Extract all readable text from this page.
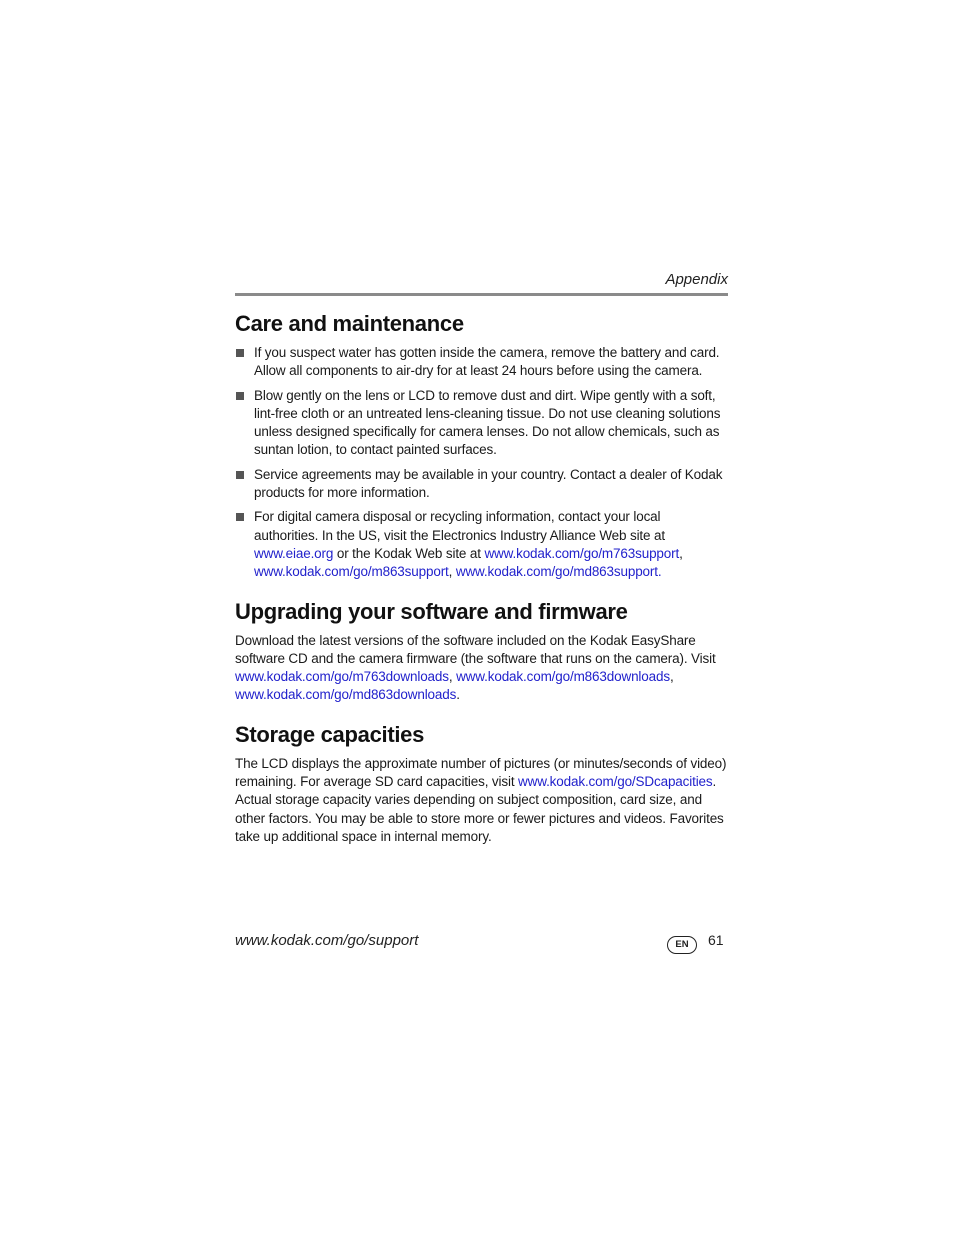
Appendix
Care and maintenance
If you suspect water has gotten inside the camera, remove the battery and card. Allow all components to air-dry for at least 24 hours before using the camera.
Blow gently on the lens or LCD to remove dust and dirt. Wipe gently with a soft, lint-free cloth or an untreated lens-cleaning tissue. Do not use cleaning solutions unless designed specifically for camera lenses. Do not allow chemicals, such as suntan lotion, to contact painted surfaces.
Service agreements may be available in your country. Contact a dealer of Kodak products for more information.
For digital camera disposal or recycling information, contact your local authorities. In the US, visit the Electronics Industry Alliance Web site at www.eiae.org or the Kodak Web site at www.kodak.com/go/m763support, www.kodak.com/go/m863support, www.kodak.com/go/md863support.
Upgrading your software and firmware

Download the latest versions of the software included on the Kodak EasyShare software CD and the camera firmware (the software that runs on the camera). Visit www.kodak.com/go/m763downloads, www.kodak.com/go/m863downloads, www.kodak.com/go/md863downloads.

Storage capacities

The LCD displays the approximate number of pictures (or minutes/seconds of video) remaining. For average SD card capacities, visit www.kodak.com/go/SDcapacities. Actual storage capacity varies depending on subject composition, card size, and other factors. You may be able to store more or fewer pictures and videos. Favorites take up additional space in internal memory.

www.kodak.com/go/support	EN	61
